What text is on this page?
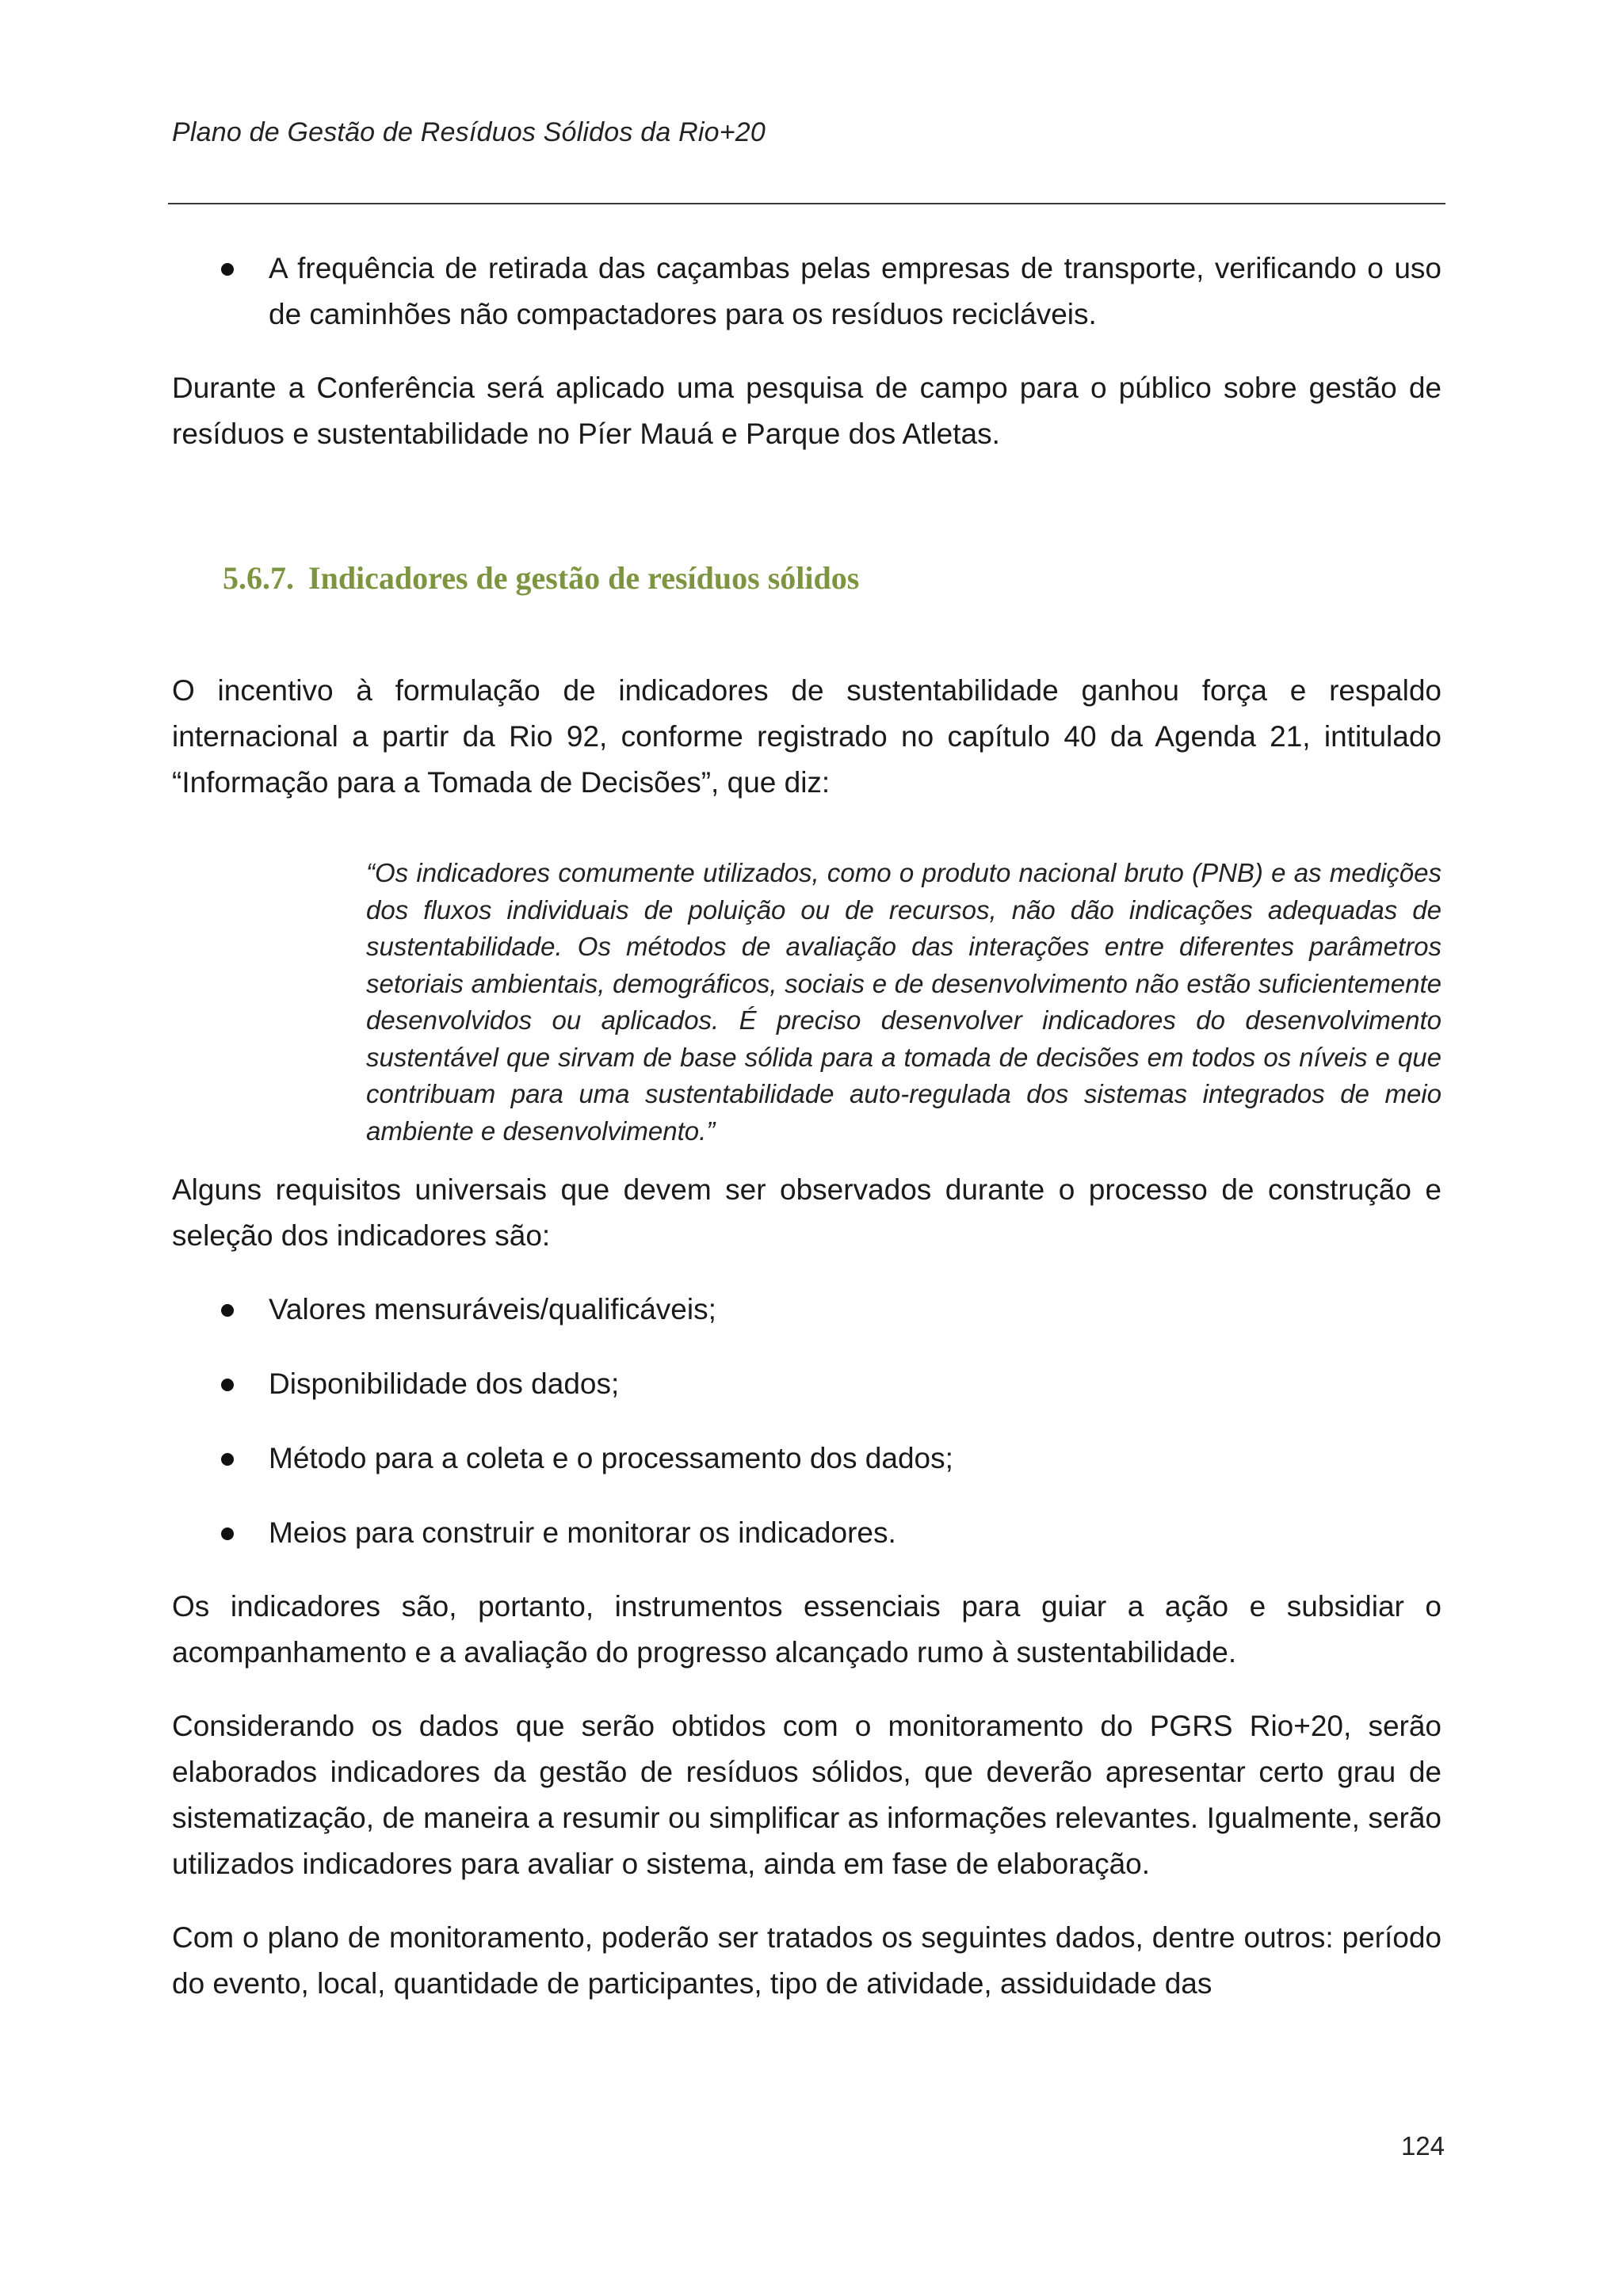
Plano de Gestão de Resíduos Sólidos da Rio+20
A frequência de retirada das caçambas pelas empresas de transporte, verificando o uso de caminhões não compactadores para os resíduos recicláveis.

Durante a Conferência será aplicado uma pesquisa de campo para o público sobre gestão de resíduos e sustentabilidade no Píer Mauá e Parque dos Atletas.

5.6.7. Indicadores de gestão de resíduos sólidos

O incentivo à formulação de indicadores de sustentabilidade ganhou força e respaldo internacional a partir da Rio 92, conforme registrado no capítulo 40 da Agenda 21, intitulado “Informação para a Tomada de Decisões”, que diz:

“Os indicadores comumente utilizados, como o produto nacional bruto (PNB) e as medições dos fluxos individuais de poluição ou de recursos, não dão indicações adequadas de sustentabilidade. Os métodos de avaliação das interações entre diferentes parâmetros setoriais ambientais, demográficos, sociais e de desenvolvimento não estão suficientemente desenvolvidos ou aplicados. É preciso desenvolver indicadores do desenvolvimento sustentável que sirvam de base sólida para a tomada de decisões em todos os níveis e que contribuam para uma sustentabilidade auto-regulada dos sistemas integrados de meio ambiente e desenvolvimento.”

Alguns requisitos universais que devem ser observados durante o processo de construção e seleção dos indicadores são:

Valores mensuráveis/qualificáveis;
Disponibilidade dos dados;
Método para a coleta e o processamento dos dados;
Meios para construir e monitorar os indicadores.

Os indicadores são, portanto, instrumentos essenciais para guiar a ação e subsidiar o acompanhamento e a avaliação do progresso alcançado rumo à sustentabilidade.

Considerando os dados que serão obtidos com o monitoramento do PGRS Rio+20, serão elaborados indicadores da gestão de resíduos sólidos, que deverão apresentar certo grau de sistematização, de maneira a resumir ou simplificar as informações relevantes. Igualmente, serão utilizados indicadores para avaliar o sistema, ainda em fase de elaboração.

Com o plano de monitoramento, poderão ser tratados os seguintes dados, dentre outros: período do evento, local, quantidade de participantes, tipo de atividade, assiduidade das

124
